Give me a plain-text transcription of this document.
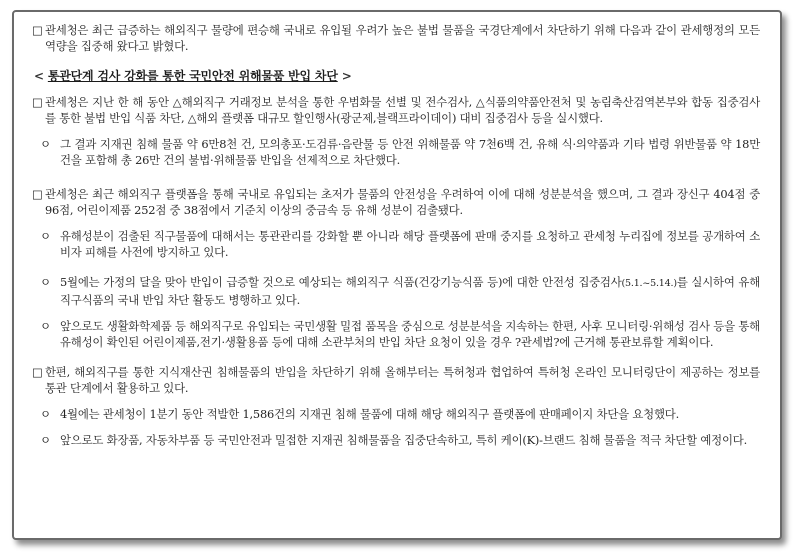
□ 관세청은 최근 급증하는 해외직구 물량에 편승해 국내로 유입될 우려가 높은 불법 물품을 국경단계에서 차단하기 위해 다음과 같이 관세행정의 모든 역량을 집중해 왔다고 밝혔다.
< 통관단계 검사 강화를 통한 국민안전 위해물품 반입 차단 >
□ 관세청은 지난 한 해 동안 △해외직구 거래정보 분석을 통한 우범화물 선별 및 전수검사, △식품의약품안전처 및 농림축산검역본부와 합동 집중검사를 통한 불법 반입 식품 차단, △해외 플랫폼 대규모 할인행사(광군제,블랙프라이데이) 대비 집중검사 등을 실시했다.
ㅇ 그 결과 지재권 침해 물품 약 6만8천 건, 모의총포·도검류·음란물 등 안전 위해물품 약 7천6백 건, 유해 식·의약품과 기타 법령 위반물품 약 18만 건을 포함해 총 26만 건의 불법·위해물품 반입을 선제적으로 차단했다.
□ 관세청은 최근 해외직구 플랫폼을 통해 국내로 유입되는 초저가 물품의 안전성을 우려하여 이에 대해 성분분석을 했으며, 그 결과 장신구 404점 중 96점, 어린이제품 252점 중 38점에서 기준치 이상의 중금속 등 유해 성분이 검출됐다.
ㅇ 유해성분이 검출된 직구물품에 대해서는 통관관리를 강화할 뿐 아니라 해당 플랫폼에 판매 중지를 요청하고 관세청 누리집에 정보를 공개하여 소비자 피해를 사전에 방지하고 있다.
ㅇ 5월에는 가정의 달을 맞아 반입이 급증할 것으로 예상되는 해외직구 식품(건강기능식품 등)에 대한 안전성 집중검사(5.1.~5.14.)를 실시하여 유해 직구식품의 국내 반입 차단 활동도 병행하고 있다.
ㅇ 앞으로도 생활화학제품 등 해외직구로 유입되는 국민생활 밀접 품목을 중심으로 성분분석을 지속하는 한편, 사후 모니터링·위해성 검사 등을 통해 유해성이 확인된 어린이제품,전기·생활용품 등에 대해 소관부처의 반입 차단 요청이 있을 경우 ?관세법?에 근거해 통관보류할 계획이다.
□ 한편, 해외직구를 통한 지식재산권 침해물품의 반입을 차단하기 위해 올해부터는 특허청과 협업하여 특허청 온라인 모니터링단이 제공하는 정보를 통관 단계에서 활용하고 있다.
ㅇ 4월에는 관세청이 1분기 동안 적발한 1,586건의 지재권 침해 물품에 대해 해당 해외직구 플랫폼에 판매페이지 차단을 요청했다.
ㅇ 앞으로도 화장품, 자동차부품 등 국민안전과 밀접한 지재권 침해물품을 집중단속하고, 특히 케이(K)-브랜드 침해 물품을 적극 차단할 예정이다.
